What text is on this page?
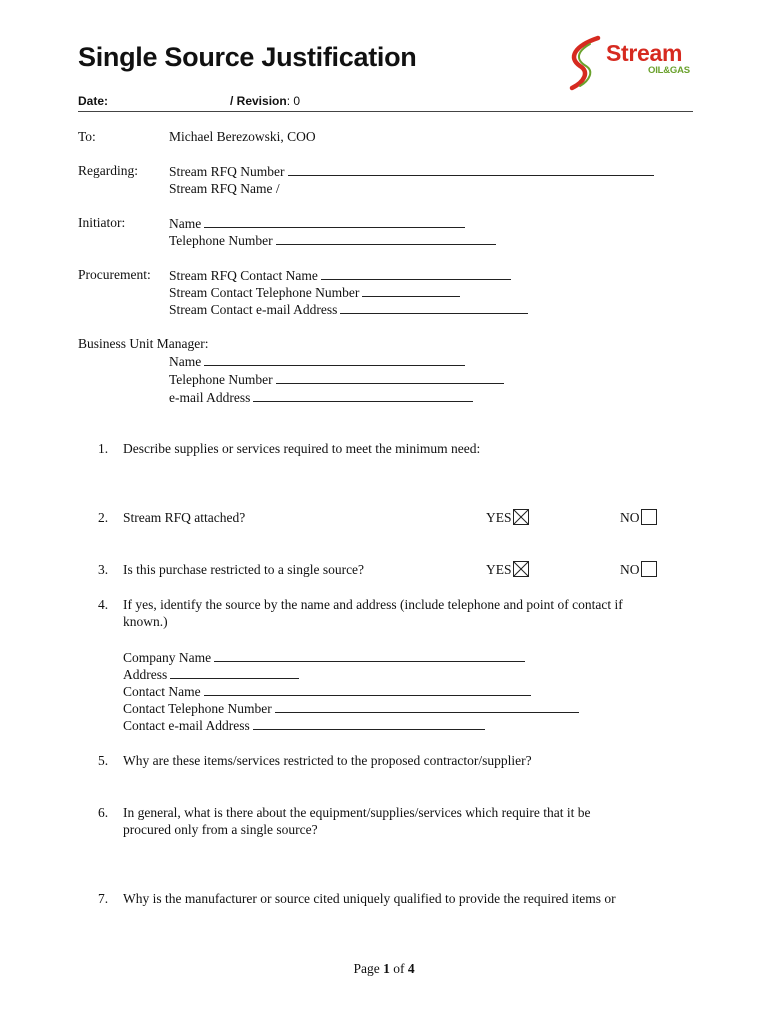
Single Source Justification	Stream
OIL&GAS
Date:	/ Revision: 0
To:	Michael Berezowski, COO
Regarding: Stream RFQ Number
Stream RFQ Name /
Initiator:	Name
Telephone Number
Procurement: Stream RFQ Contact Name
Stream Contact Telephone Number
Stream Contact e-mail Address
Business Unit Manager:
Name
Telephone Number
e-mail Address
1. Describe supplies or services required to meet the minimum need:
2. Stream RFQ attached?	YES	NO
3. Is this purchase restricted to a single source?	YES	NO
4. If yes, identify the source by the name and address (include telephone and point of contact if
known.)
Company Name
Address
Contact Name
Contact Telephone Number
Contact e-mail Address
5. Why are these items/services restricted to the proposed contractor/supplier?
6. In general, what is there about the equipment/supplies/services which require that it be
procured only from a single source?
7. Why is the manufacturer or source cited uniquely qualified to provide the required items or
Page 1 of 4
